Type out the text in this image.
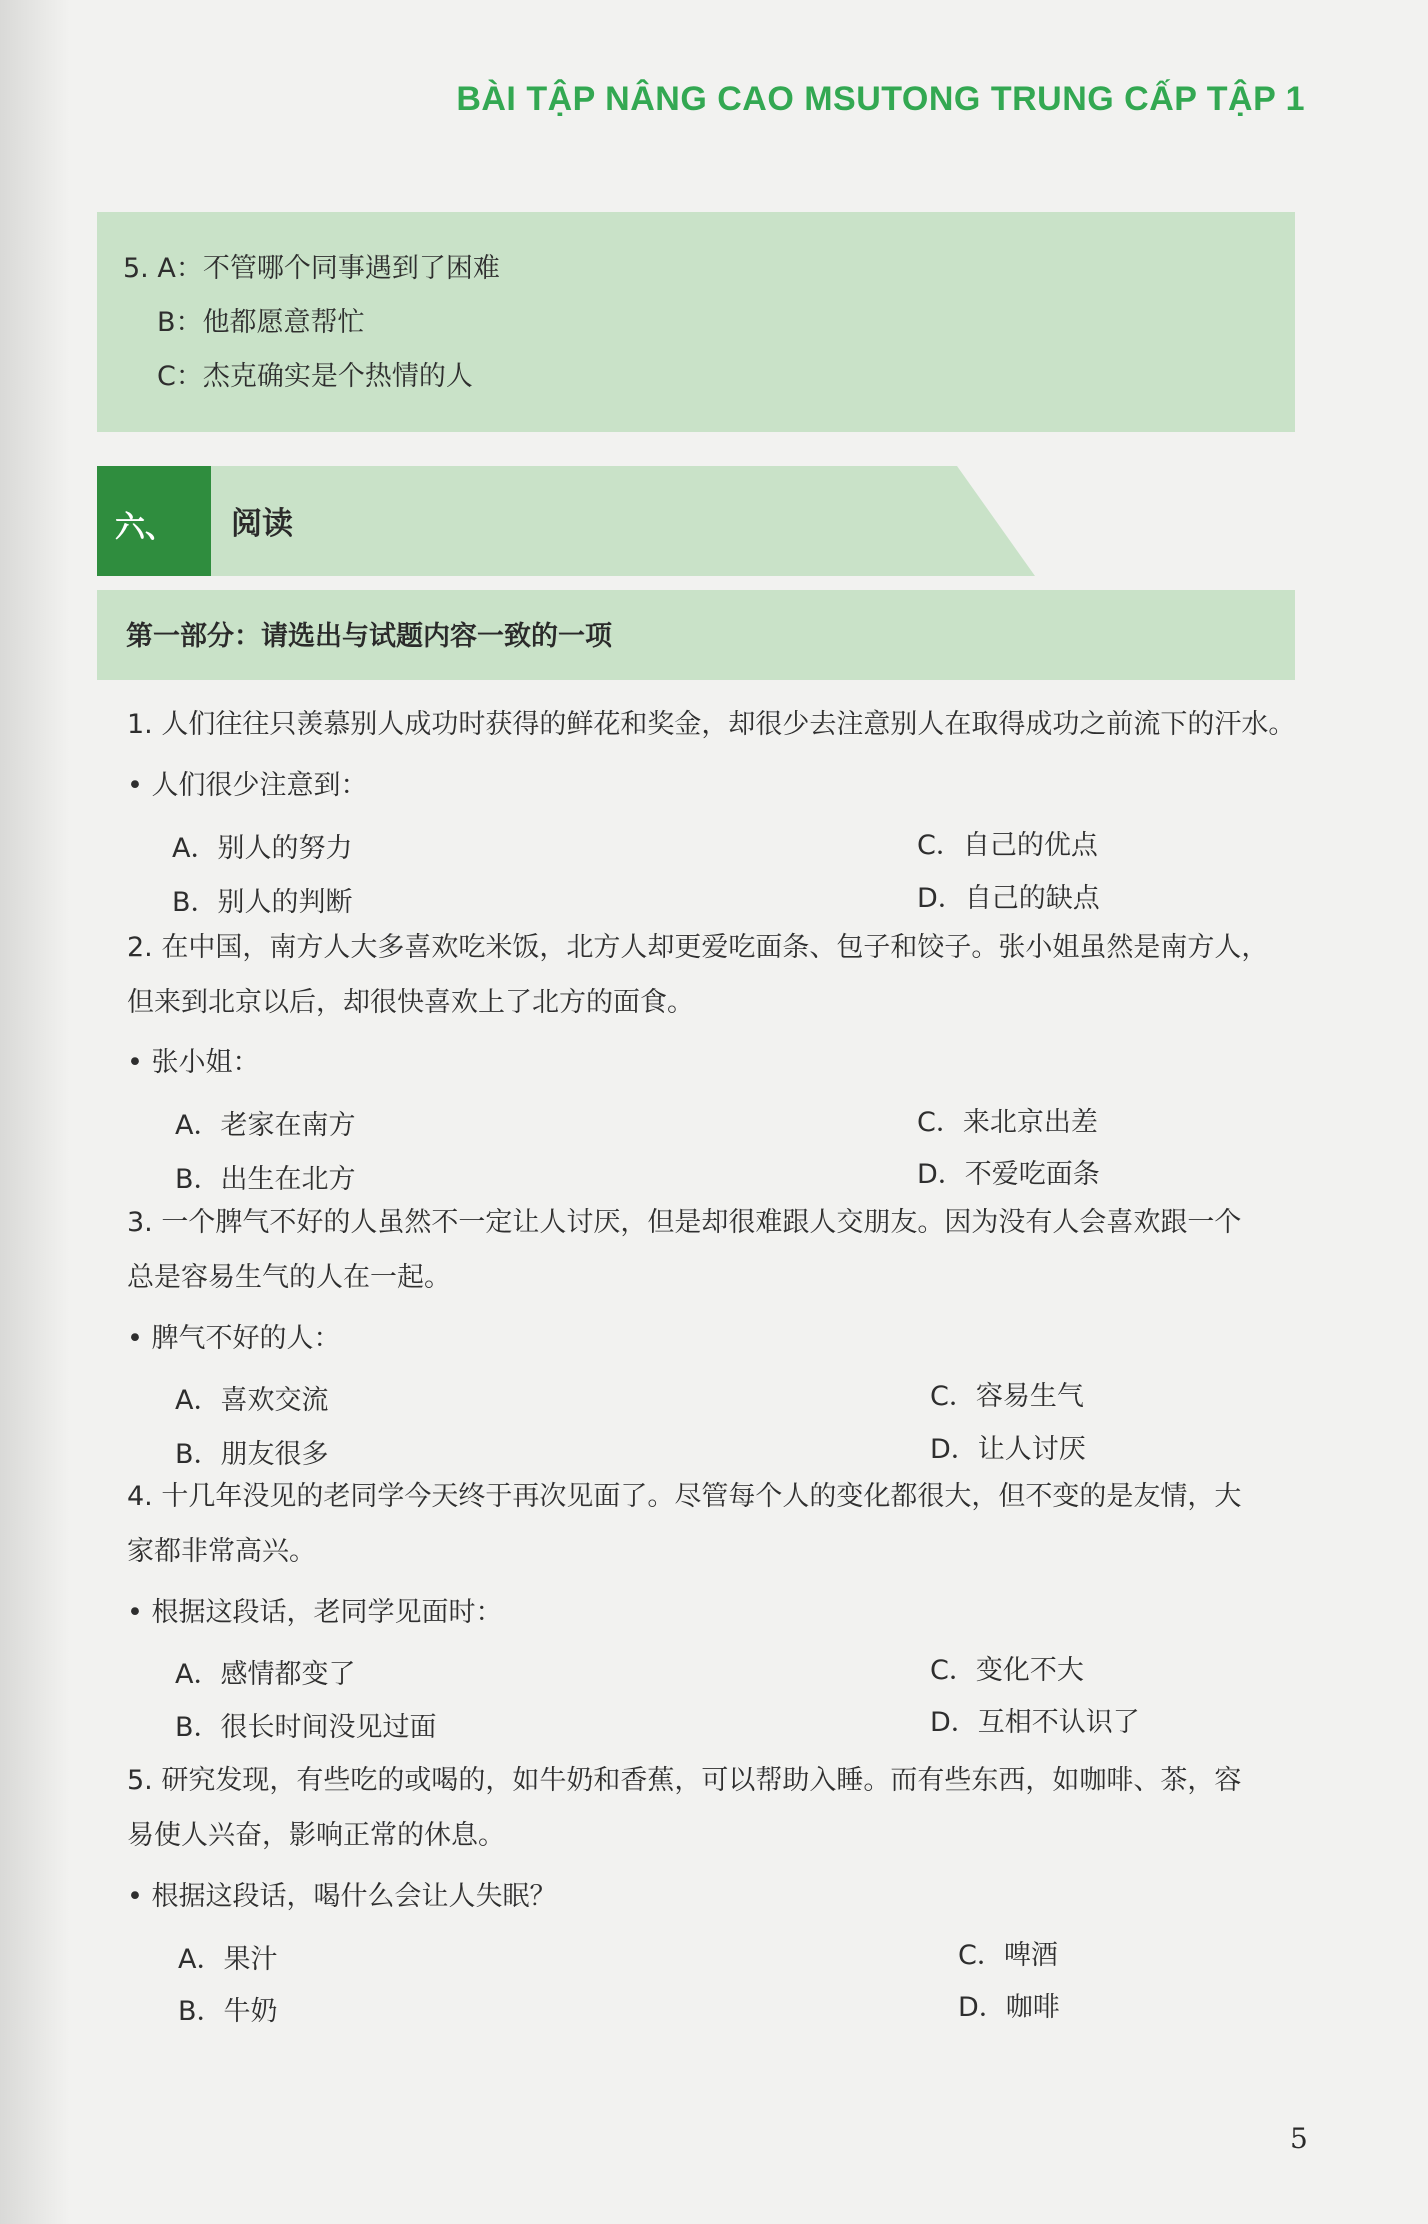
BÀI TẬP NÂNG CAO MSUTONG TRUNG CẤP TẬP 1
5. A：不管哪个同事遇到了困难
B：他都愿意帮忙
C：杰克确实是个热情的人
六、 阅读
第一部分：请选出与试题内容一致的一项
1. 人们往往只羡慕别人成功时获得的鲜花和奖金，却很少去注意别人在取得成功之前流下的汗水。
• 人们很少注意到：
A．别人的努力
B．别人的判断
C．自己的优点
D．自己的缺点
2. 在中国，南方人大多喜欢吃米饭，北方人却更爱吃面条、包子和饺子。张小姐虽然是南方人，
但来到北京以后，却很快喜欢上了北方的面食。
• 张小姐：
A．老家在南方
B．出生在北方
C．来北京出差
D．不爱吃面条
3. 一个脾气不好的人虽然不一定让人讨厌，但是却很难跟人交朋友。因为没有人会喜欢跟一个
总是容易生气的人在一起。
• 脾气不好的人：
A．喜欢交流
B．朋友很多
C．容易生气
D．让人讨厌
4. 十几年没见的老同学今天终于再次见面了。尽管每个人的变化都很大，但不变的是友情，大
家都非常高兴。
• 根据这段话，老同学见面时：
A．感情都变了
B．很长时间没见过面
C．变化不大
D．互相不认识了
5. 研究发现，有些吃的或喝的，如牛奶和香蕉，可以帮助入睡。而有些东西，如咖啡、茶，容
易使人兴奋，影响正常的休息。
• 根据这段话，喝什么会让人失眠？
A．果汁
B．牛奶
C．啤酒
D．咖啡
5
